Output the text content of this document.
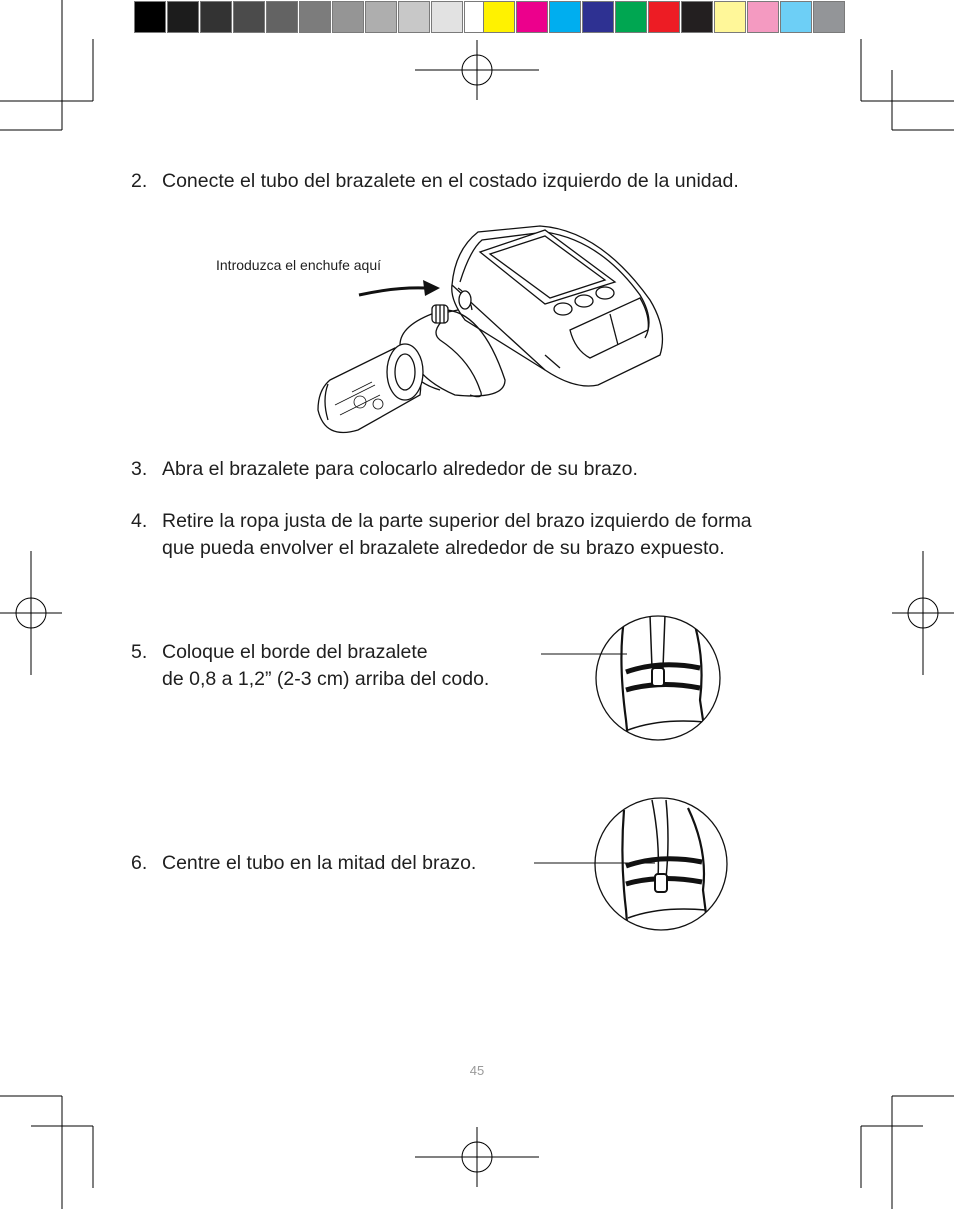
2. Conecte el tubo del brazalete en el costado izquierdo de la unidad.
Introduzca el enchufe aquí
3. Abra el brazalete para colocarlo alrededor de su brazo.
4. Retire la ropa justa de la parte superior del brazo izquierdo de forma
que pueda envolver el brazalete alrededor de su brazo expuesto.
5. Coloque el borde del brazalete
de 0,8 a 1,2” (2-3 cm) arriba del codo.
6. Centre el tubo en la mitad del brazo.
45
